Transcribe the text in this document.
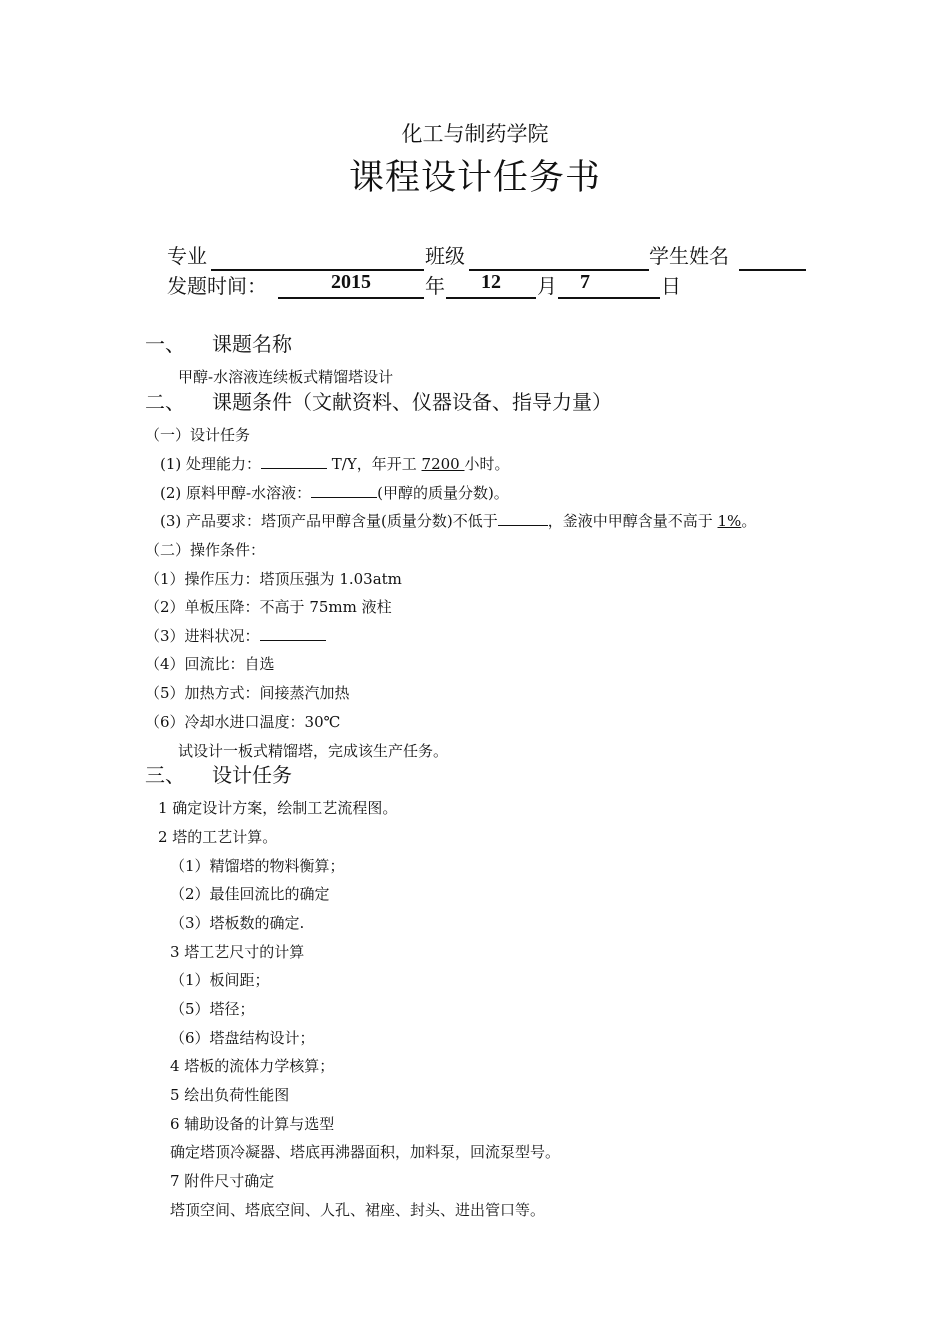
化工与制药学院
课程设计任务书
专业	班级	学生姓名
发题时间：	2015	年	12	月	7	日
一、 课题名称
甲醇-水溶液连续板式精馏塔设计
二、 课题条件（文献资料、仪器设备、指导力量）
（一）设计任务
(1) 处理能力：	T/Y，年开工 7200 小时。
(2) 原料甲醇-水溶液：	(甲醇的质量分数)。
(3) 产品要求：塔顶产品甲醇含量(质量分数)不低于	，釜液中甲醇含量不高于 1%。
（二）操作条件：
（1）操作压力：塔顶压强为 1.03atm
（2）单板压降：不高于 75mm 液柱
（3）进料状况：
（4）回流比：自选
（5）加热方式：间接蒸汽加热
（6）冷却水进口温度：30℃
试设计一板式精馏塔，完成该生产任务。
三、 设计任务
1 确定设计方案，绘制工艺流程图。
2 塔的工艺计算。
（1）精馏塔的物料衡算；
（2）最佳回流比的确定
（3）塔板数的确定.
3 塔工艺尺寸的计算
（1）板间距；
（5）塔径；
（6）塔盘结构设计；
4 塔板的流体力学核算；
5 绘出负荷性能图
6 辅助设备的计算与选型
确定塔顶冷凝器、塔底再沸器面积，加料泵，回流泵型号。
7 附件尺寸确定
塔顶空间、塔底空间、人孔、裙座、封头、进出管口等。
